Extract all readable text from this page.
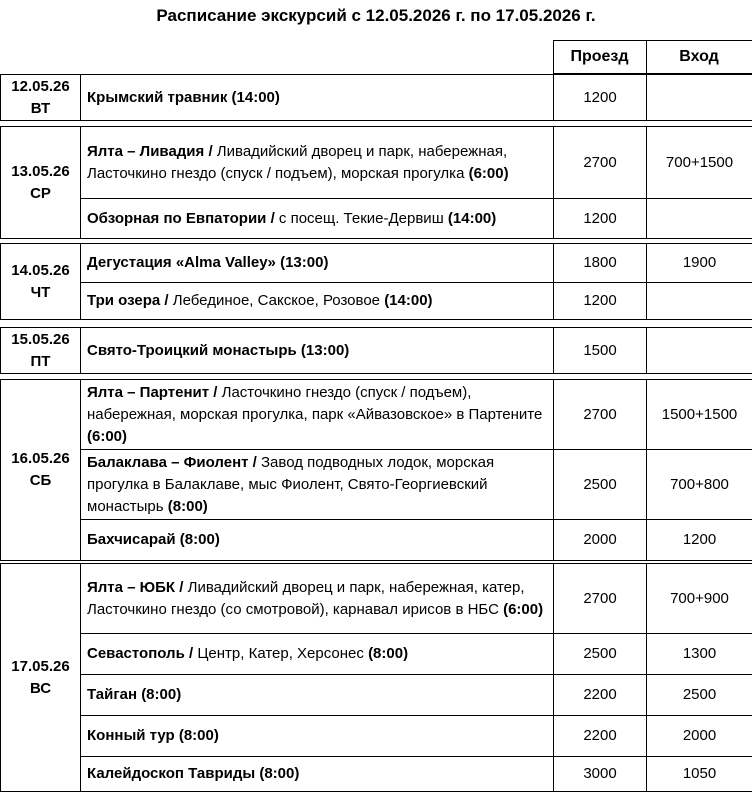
Расписание экскурсий с 12.05.2026 г. по 17.05.2026 г.
	Проезд	Вход
12.05.26
ВТ
	Крымский травник (14:00)	1200	
13.05.26
СР	Ялта – Ливадия / Ливадийский дворец и парк, набережная, Ласточкино гнездо (спуск / подъем), морская прогулка (6:00)	2700	700+1500
	Обзорная по Евпатории / с посещ. Текие-Дервиш (14:00)	1200	
14.05.26
ЧТ	Дегустация «Alma Valley» (13:00)	1800	1900
	Три озера / Лебединое, Сакское, Розовое (14:00)	1200	
15.05.26
ПТ
	Свято-Троицкий монастырь (13:00)	1500	
16.05.26
СБ	Ялта – Партенит / Ласточкино гнездо (спуск / подъем), набережная, морская прогулка, парк «Айвазовское» в Партените (6:00)	2700	1500+1500
	Балаклава – Фиолент / Завод подводных лодок, морская прогулка в Балаклаве, мыс Фиолент, Свято-Георгиевский монастырь (8:00)	2500	700+800
	Бахчисарай (8:00)	2000	1200
17.05.26
ВС	Ялта – ЮБК / Ливадийский дворец и парк, набережная, катер, Ласточкино гнездо (со смотровой), карнавал ирисов в НБС (6:00)	2700	700+900
	Севастополь / Центр, Катер, Херсонес (8:00)	2500	1300
	Тайган (8:00)	2200	2500
	Конный тур (8:00)	2200	2000
	Калейдоскоп Тавриды (8:00)	3000	1050
